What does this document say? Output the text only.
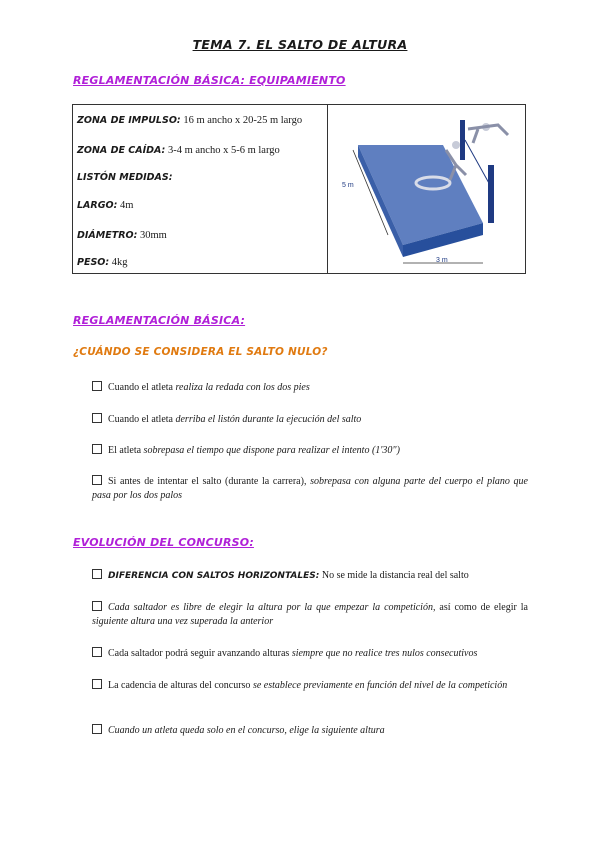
TEMA 7. EL SALTO DE ALTURA
REGLAMENTACIÓN BÁSICA: EQUIPAMIENTO
ZONA DE IMPULSO: 16 m ancho x 20-25 m largo
ZONA DE CAÍDA: 3-4 m ancho x 5-6 m largo
LISTÓN MEDIDAS:
LARGO: 4m
DIÁMETRO: 30mm
PESO: 4kg

5 m
3 m
REGLAMENTACIÓN BÁSICA:
¿CUÁNDO SE CONSIDERA EL SALTO NULO?
Cuando el atleta realiza la redada con los dos pies
Cuando el atleta derriba el listón durante la ejecución del salto
El atleta sobrepasa el tiempo que dispone para realizar el intento (1'30")
Si antes de intentar el salto (durante la carrera), sobrepasa con alguna parte del cuerpo el plano que pasa por los dos palos
EVOLUCIÓN DEL CONCURSO:
DIFERENCIA CON SALTOS HORIZONTALES: No se mide la distancia real del salto
Cada saltador es libre de elegir la altura por la que empezar la competición, así como de elegir la siguiente altura una vez superada la anterior
Cada saltador podrá seguir avanzando alturas siempre que no realice tres nulos consecutivos
La cadencia de alturas del concurso se establece previamente en función del nivel de la competición
Cuando un atleta queda solo en el concurso, elige la siguiente altura
